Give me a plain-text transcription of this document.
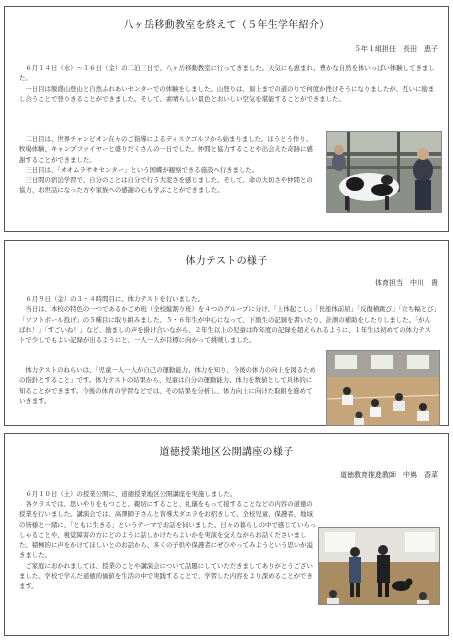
八ヶ岳移動教室を終えて（５年生学年紹介）
５年１組担任　長田　恵子

６月１４日（水）～１６日（金）の二泊三日で、八ヶ岳移動教室に行ってきました。天気にも恵まれ、豊かな自然を体いっぱい体験してきました。

一日目は飯盛山登山と自然ふれあいセンターでの体験をしました。山登りは、頂上までの道のりで何度か挫けそうになりましたが、互いに励まし合うことで登りきることができました。そして、素晴らしい景色とおいしい空気を堪能することができました。

二日目は、世界チャンピオン在々のご指導によるディスクゴルフから始まりました。ほうとう作り、牧場体験、キャンプファイヤーと盛りだくさんの一日でした。仲間と協力することや出会えた奇跡に感謝することができました。

三日目は、「オオムラサキセンター」という国蝶が観察できる施設へ行きました。

三日間の宿泊学習で、自分のことは自分で行う大変さを感じました。そして、命の大切さや仲間との協力、お世話になった方や家族への感謝の心も学ぶことができました。

体力テストの様子
体育担当　中川　貴

６月９日（金）の３・４時間目に、体力テストを行いました。

当日は、本校の特色の一つであるかごめ班（全校縦割り班）を４つのグループに分け、「上体起こし」「長座体前屈」「反復横跳び」「立ち幅とび」「ソフトボール投げ」の５種目に取り組みました。５・６年生が中心になって、下級生の記録を書いたり、計測の補助をしたりしました。「がんばれ！」「すごいね！」など、励ましの声を掛け合いながら、２年生以上の児童は昨年度の記録を超えられるように、１年生は初めての体力テストで少しでもよい記録が出るようにと、一人一人が目標に向かって挑戦しました。

体力テストのねらいは、「児童一人一人が自己の運動能力、体力を知り、今後の体力の向上を図るための指針とすること」です。体力テストの結果から、児童は自分の運動能力、体力を数値として具体的に知ることができます。今後の体育の学習などでは、その結果を分析し、体力向上に向けた取組を進めていきます。

道徳授業地区公開講座の様子
道徳教育推進教師　中嶌　香菜

６月１０日（土）の授業公開に、道徳授業地区公開講座を実施しました。

各クラスでは、思いやりをもつこと、親切にすること、礼儀をもって接することなどの内容の道徳の授業を行いました。講演会では、高澤師子さんと盲導犬ダエラをお招きして、全校児童、保護者、地域の皆様と一緒に、「ともに生きる」というテーマでお話を伺いました。日々の暮らしの中で感じていらっしゃることや、視覚障害の方にどのように話しかけたらよいかを実演を交えながらお話くださいました。積極的に声をかけてほしいとのお話から、多くの子供や保護者にぜひやってみようという思いが溢きました。

ご家庭におかれましては、授業のことや講演会について話題にしていただきましてありがとうございました。学校で学んだ道徳的価値を生活の中で実践することで、学習した内容をより深めることができます。
